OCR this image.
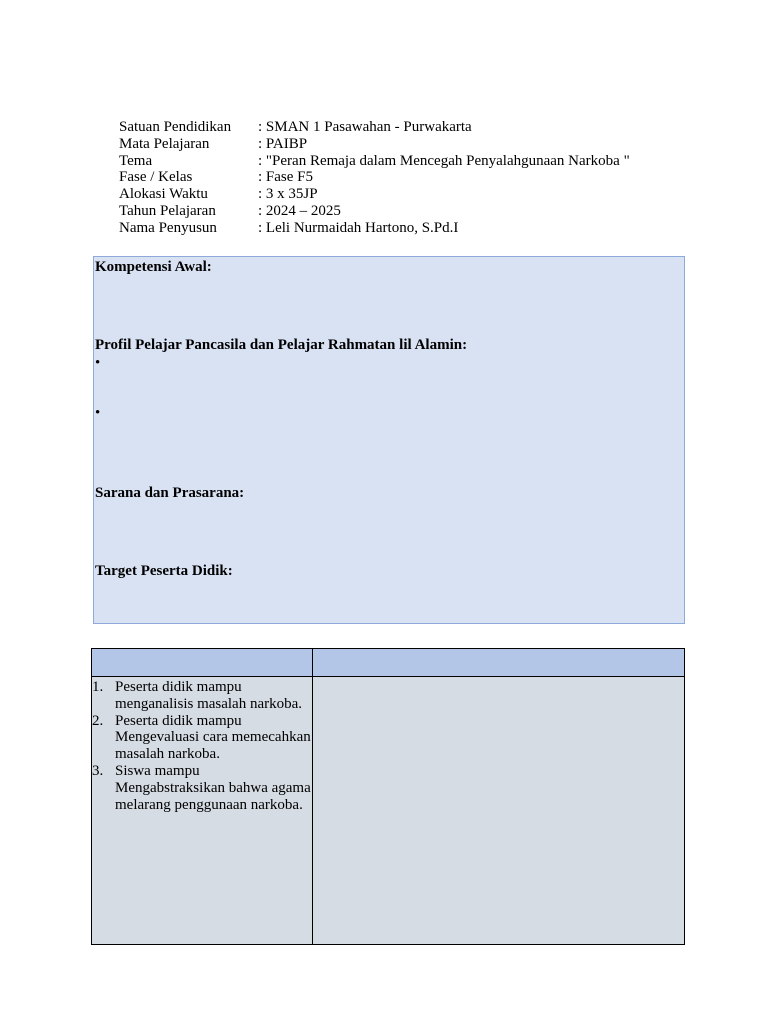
Satuan Pendidikan	: SMAN 1 Pasawahan - Purwakarta
Mata Pelajaran	: PAIBP
Tema	: "Peran Remaja dalam Mencegah Penyalahgunaan Narkoba "
Fase / Kelas	: Fase F5
Alokasi Waktu	: 3 x 35JP
Tahun Pelajaran	: 2024 – 2025
Nama Penyusun	: Leli Nurmaidah Hartono, S.Pd.I
Kompetensi Awal:
Profil Pelajar Pancasila dan Pelajar Rahmatan lil Alamin:
•
•
Sarana dan Prasarana:
Target Peserta Didik:
1. Peserta didik mampu menganalisis masalah narkoba.
2. Peserta didik mampu Mengevaluasi cara memecahkan masalah narkoba.
3. Siswa mampu Mengabstraksikan bahwa agama melarang penggunaan narkoba.
